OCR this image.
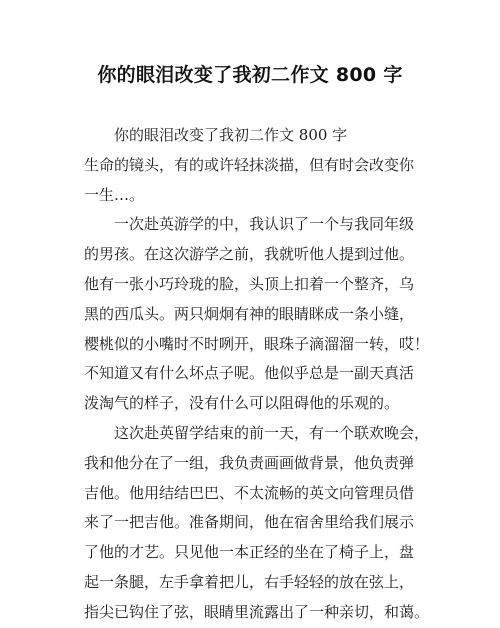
你的眼泪改变了我初二作文 800 字
你的眼泪改变了我初二作文 800 字
生命的镜头，有的或许轻抹淡描，但有时会改变你
一生…。
一次赴英游学的中，我认识了一个与我同年级
的男孩。在这次游学之前，我就听他人提到过他。
他有一张小巧玲珑的脸，头顶上扣着一个整齐，乌
黑的西瓜头。两只炯炯有神的眼睛眯成一条小缝，
樱桃似的小嘴时不时咧开，眼珠子滴溜溜一转，哎！
不知道又有什么坏点子呢。他似乎总是一副天真活
泼淘气的样子，没有什么可以阻碍他的乐观的。
这次赴英留学结束的前一天，有一个联欢晚会，
我和他分在了一组，我负责画画做背景，他负责弹
吉他。他用结结巴巴、不太流畅的英文向管理员借
来了一把吉他。准备期间，他在宿舍里给我们展示
了他的才艺。只见他一本正经的坐在了椅子上，盘
起一条腿，左手拿着把儿，右手轻轻的放在弦上，
指尖已钩住了弦，眼睛里流露出了一种亲切，和蔼。
